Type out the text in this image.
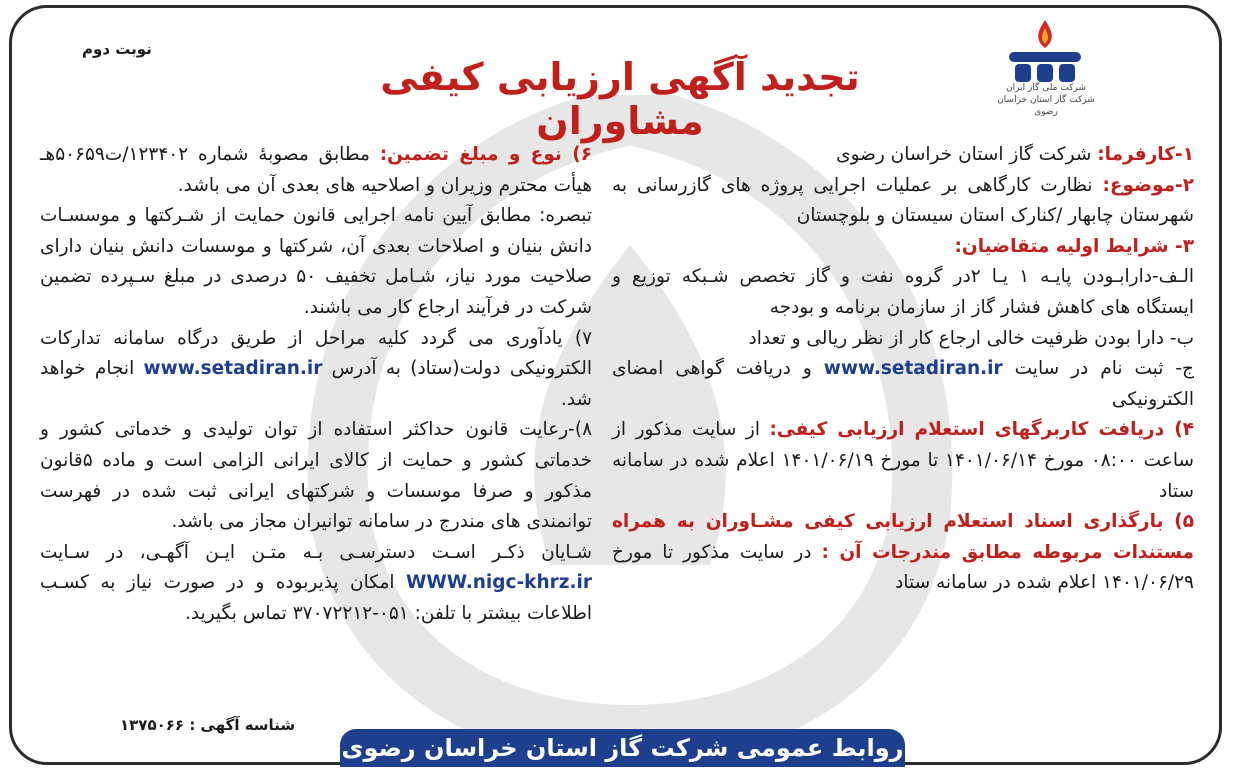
نوبت دوم
شرکت ملی گاز ایران
شرکت گاز استان خراسان رضوی
تجدید آگهی ارزیابی کیفی مشاوران

۱-کارفرما: شرکت گاز استان خراسان رضوی

۲-موضوع: نظارت کارگاهی بر عملیات اجرایی پروژه های گازرسانی به شهرستان چابهار /کنارک استان سیستان و بلوچستان

۳- شرایط اولیه متقاضیان:

الـف-دارابـودن پایـه ۱ یـا ۲در گروه نفت و گاز تخصص شـبکه توزیع و ایستگاه های کاهش فشار گاز از سازمان برنامه و بودجه

ب- دارا بودن ظرفیت خالی ارجاع کار از نظر ریالی و تعداد

ج- ثبت نام در سایت www.setadiran.ir و دریافت گواهی امضای الکترونیکی

۴) دریافت کاربرگهای استعلام ارزیابی کیفی: از سایت مذکور از ساعت ۰۸:۰۰ مورخ ۱۴۰۱/۰۶/۱۴ تا مورخ ۱۴۰۱/۰۶/۱۹ اعلام شده در سامانه ستاد

۵) بارگذاری اسناد استعلام ارزیابی کیفی مشـاوران به همراه مستندات مربوطه مطابق مندرجات آن : در سایت مذکور تا مورخ ۱۴۰۱/۰۶/۲۹ اعلام شده در سامانه ستاد

۶) نوع و مبلغ تضمین: مطابق مصوبهٔ شماره ۱۲۳۴۰۲/ت۵۰۶۵۹هـ هیأت محترم وزیران و اصلاحیه های بعدی آن می باشد.

تبصره: مطابق آیین نامه اجرایی قانون حمایت از شـرکتها و موسسـات دانش بنیان و اصلاحات بعدی آن، شرکتها و موسسات دانش بنیان دارای صلاحیت مورد نیاز، شـامل تخفیف ۵۰ درصدی در مبلغ سـپرده تضمین شرکت در فرآیند ارجاع کار می باشند.

۷) یادآوری می گردد کلیه مراحل از طریق درگاه سامانه تدارکات الکترونیکی دولت(ستاد) به آدرس www.setadiran.ir انجام خواهد شد.

۸)-رعایت قانون حداکثر استفاده از توان تولیدی و خدماتی کشور و خدماتی کشور و حمایت از کالای ایرانی الزامی است و ماده ۵قانون مذکور و صرفا موسسات و شرکتهای ایرانی ثبت شده در فهرست توانمندی های مندرج در سامانه توانیران مجاز می باشد.

شـایان ذکـر اسـت دسترسـی بـه متـن ایـن آگهـی، در سـایت WWW.nigc-khrz.ir امکان پذیربوده و در صورت نیاز به کسـب اطلاعات بیشتر با تلفن: ۰۵۱-۳۷۰۷۲۲۱۲ تماس بگیرید.

شناسه آگهی : ۱۳۷۵۰۶۶
روابط عمومی شرکت گاز استان خراسان رضوی
